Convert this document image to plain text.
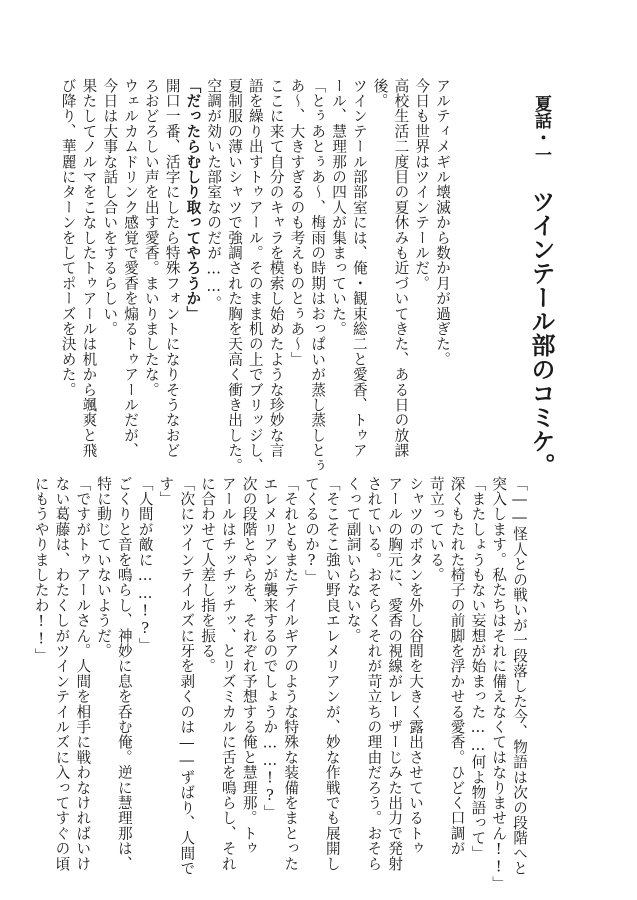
夏話・一ツインテール部のコミケ。

アルティメギル壊滅から数か月が過ぎた。

今日も世界はツインテールだ。

高校生活二度目の夏休みも近づいてきた、ある日の放課

後。

ツインテール部部室には、俺・観束総二と愛香、トゥア

ール、慧理那の四人が集まっていた。

「とぅあとぅあ〜、梅雨の時期はおっぱいが蒸し蒸しとぅ

あ〜、大きすぎるのも考えものとぅあ〜」

ここに来て自分のキャラを模索し始めたような珍妙な言

語を繰り出すトゥアール。そのまま机の上でブリッジし、

夏制服の薄いシャツで強調された胸を天高く衝き出した。

空調が効いた部室なのだが……。

「だったらむしり取ってやろうか」

開口一番、活字にしたら特殊フォントになりそうなおど

ろおどろしい声を出す愛香。まいりましたな。

ウェルカムドリンク感覚で愛香を煽るトゥアールだが、

今日は大事な話し合いをするらしい。

果たしてノルマをこなしたトゥアールは机から颯爽と飛

び降り、華麗にターンをしてポーズを決めた。

「――怪人との戦いが一段落した今、物語は次の段階へと

突入します。私たちはそれに備えなくてはなりません!!」

「またしょうもない妄想が始まった……何よ物語って」

深くもたれた椅子の前脚を浮かせる愛香。ひどく口調が

苛立っている。

シャツのボタンを外し谷間を大きく露出させているトゥ

アールの胸元に、愛香の視線がレーザーじみた出力で発射

されている。おそらくそれが苛立ちの理由だろう。おそら

くって副詞いらないな。

「そこそこ強い野良エレメリアンが、妙な作戦でも展開し

てくるのか?」

「それともまたテイルギアのような特殊な装備をまとった

エレメリアンが襲来するのでしょうか……!?」

次の段階とやらを、それぞれ予想する俺と慧理那。トゥ

アールはチッチッチッ、とリズミカルに舌を鳴らし、それ

に合わせて人差し指を振る。

「次にツインテイルズに牙を剥くのは――ずばり、人間で

す」

「人間が敵に……!?」

ごくりと音を鳴らし、神妙に息を呑む俺。逆に慧理那は、

特に動じていないようだ。

「ですがトゥアールさん。人間を相手に戦わなければいけ

ない葛藤は、わたくしがツインテイルズに入ってすぐの頃

にもうやりましたわ!!」
